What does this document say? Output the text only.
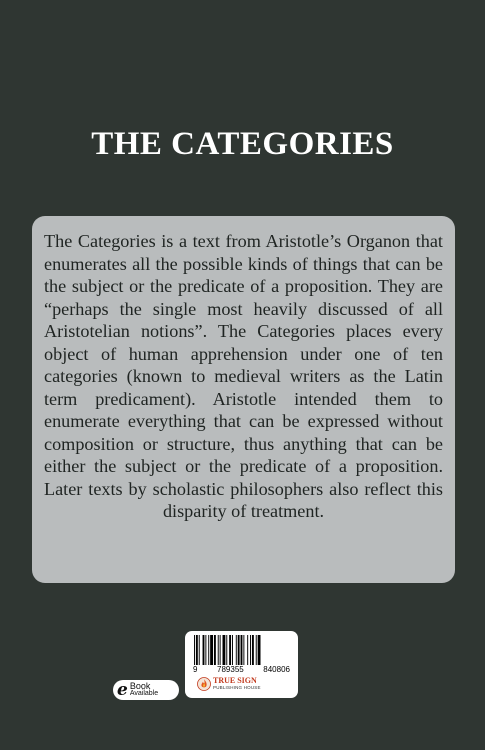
THE CATEGORIES

The Categories is a text from Aristotle’s Organon that enumerates all the possible kinds of things that can be the subject or the predicate of a proposition. They are “perhaps the single most heavily discussed of all Aristotelian notions”. The Categories places every object of human apprehension under one of ten categories (known to medieval writers as the Latin term predicament). Aristotle intended them to enumerate everything that can be expressed without composition or structure, thus anything that can be either the subject or the predicate of a proposition. Later texts by scholastic philosophers also reflect this disparity of treatment.

9 789355 840806
TRUE SIGN
PUBLISHING HOUSE
e Book
Available
